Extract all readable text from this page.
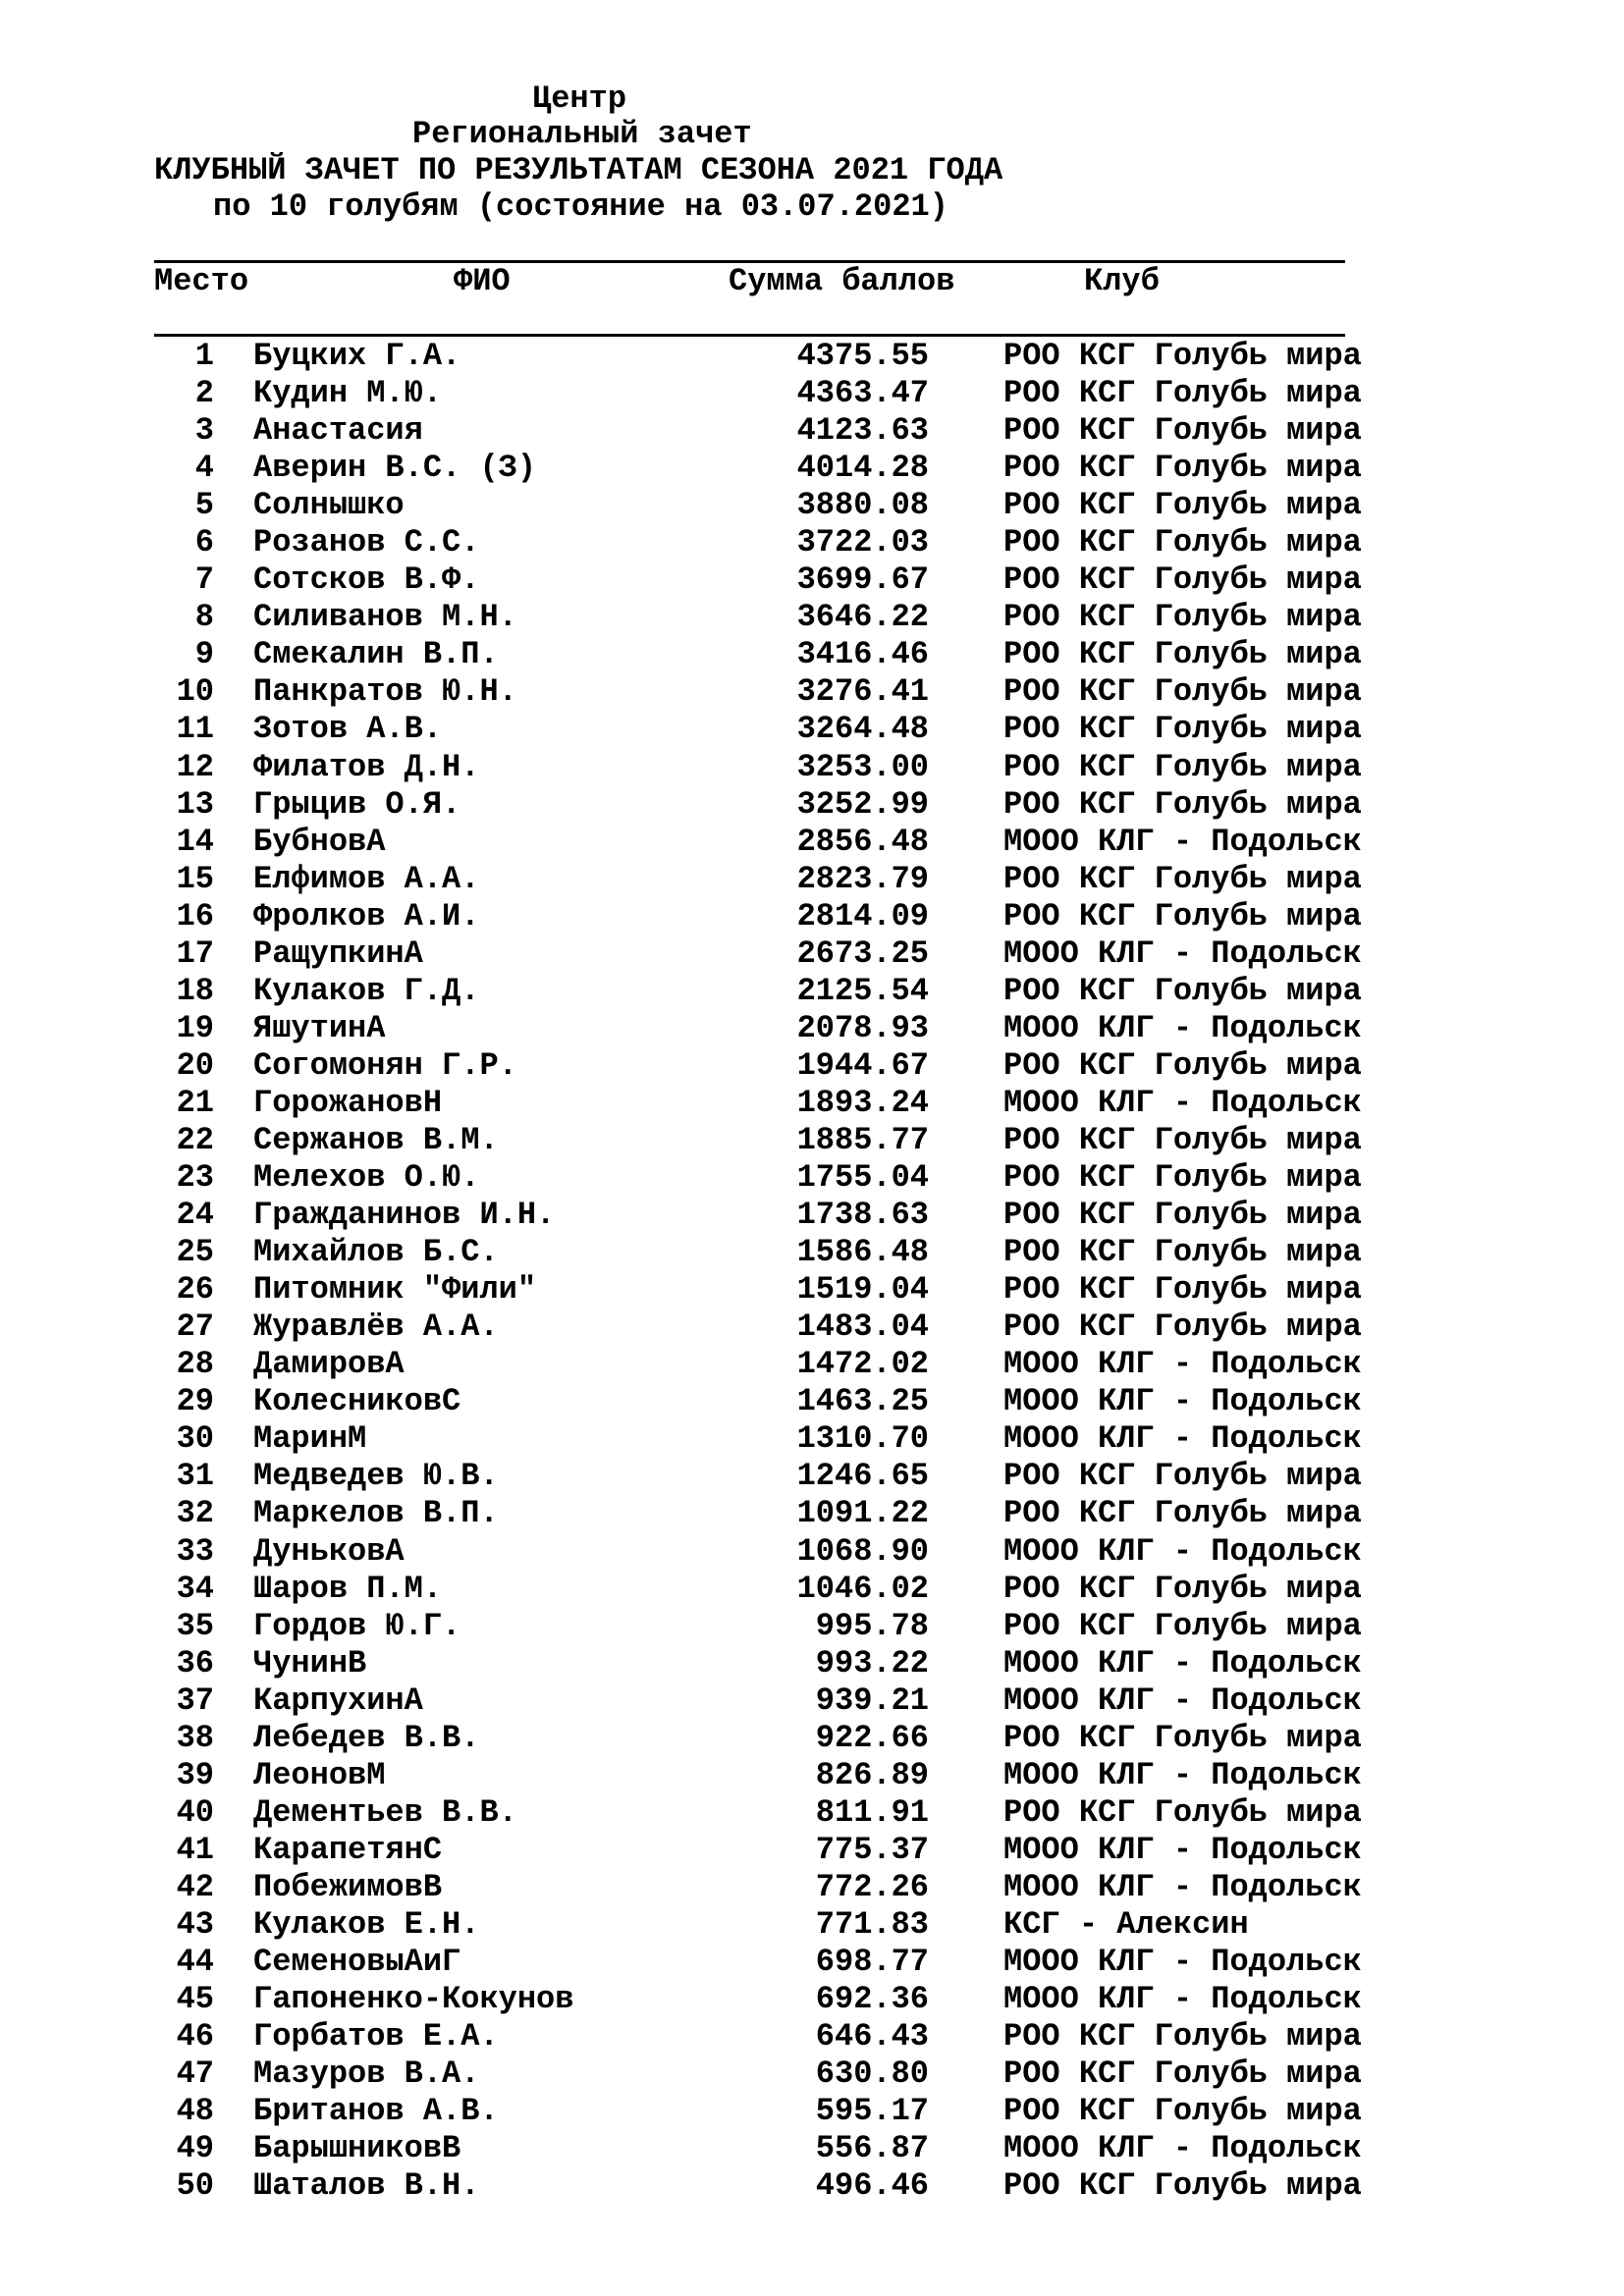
Центр
Региональный зачет
КЛУБНЫЙ ЗАЧЕТ ПО РЕЗУЛЬТАТАМ СЕЗОНА 2021 ГОДА
по 10 голубям (состояние на 03.07.2021)
Место	ФИО	Сумма баллов	Клуб
1 Буцких Г.А.	4375.55 РОО КСГ Голубь мира
2 Кудин М.Ю.	4363.47 РОО КСГ Голубь мира
3 Анастасия	4123.63 РОО КСГ Голубь мира
4 Аверин В.С. (З)	4014.28 РОО КСГ Голубь мира
5 Солнышко	3880.08 РОО КСГ Голубь мира
6 Розанов С.С.	3722.03 РОО КСГ Голубь мира
7 Сотсков В.Ф.	3699.67 РОО КСГ Голубь мира
8 Силиванов М.Н.	3646.22 РОО КСГ Голубь мира
9 Смекалин В.П.	3416.46 РОО КСГ Голубь мира
10 Панкратов Ю.Н.	3276.41 РОО КСГ Голубь мира
11 Зотов А.В.	3264.48 РОО КСГ Голубь мира
12 Филатов Д.Н.	3253.00 РОО КСГ Голубь мира
13 Грыцив О.Я.	3252.99 РОО КСГ Голубь мира
14 БубновА	2856.48 МООО КЛГ - Подольск
15 Елфимов А.А.	2823.79 РОО КСГ Голубь мира
16 Фролков А.И.	2814.09 РОО КСГ Голубь мира
17 РащупкинА	2673.25 МООО КЛГ - Подольск
18 Кулаков Г.Д.	2125.54 РОО КСГ Голубь мира
19 ЯшутинА	2078.93 МООО КЛГ - Подольск
20 Согомонян Г.Р.	1944.67 РОО КСГ Голубь мира
21 ГорожановН	1893.24 МООО КЛГ - Подольск
22 Сержанов В.М.	1885.77 РОО КСГ Голубь мира
23 Мелехов О.Ю.	1755.04 РОО КСГ Голубь мира
24 Гражданинов И.Н.	1738.63 РОО КСГ Голубь мира
25 Михайлов Б.С.	1586.48 РОО КСГ Голубь мира
26 Питомник "Фили"	1519.04 РОО КСГ Голубь мира
27 Журавлёв А.А.	1483.04 РОО КСГ Голубь мира
28 ДамировА	1472.02 МООО КЛГ - Подольск
29 КолесниковС	1463.25 МООО КЛГ - Подольск
30 МаринМ	1310.70 МООО КЛГ - Подольск
31 Медведев Ю.В.	1246.65 РОО КСГ Голубь мира
32 Маркелов В.П.	1091.22 РОО КСГ Голубь мира
33 ДуньковА	1068.90 МООО КЛГ - Подольск
34 Шаров П.М.	1046.02 РОО КСГ Голубь мира
35 Гордов Ю.Г.	995.78 РОО КСГ Голубь мира
36 ЧунинВ	993.22 МООО КЛГ - Подольск
37 КарпухинА	939.21 МООО КЛГ - Подольск
38 Лебедев В.В.	922.66 РОО КСГ Голубь мира
39 ЛеоновМ	826.89 МООО КЛГ - Подольск
40 Дементьев В.В.	811.91 РОО КСГ Голубь мира
41 КарапетянС	775.37 МООО КЛГ - Подольск
42 ПобежимовВ	772.26 МООО КЛГ - Подольск
43 Кулаков Е.Н.	771.83 КСГ - Алексин
44 СеменовыАиГ	698.77 МООО КЛГ - Подольск
45 Гапоненко-Кокунов	692.36 МООО КЛГ - Подольск
46 Горбатов Е.А.	646.43 РОО КСГ Голубь мира
47 Мазуров В.А.	630.80 РОО КСГ Голубь мира
48 Британов А.В.	595.17 РОО КСГ Голубь мира
49 БарышниковВ	556.87 МООО КЛГ - Подольск
50 Шаталов В.Н.	496.46 РОО КСГ Голубь мира
